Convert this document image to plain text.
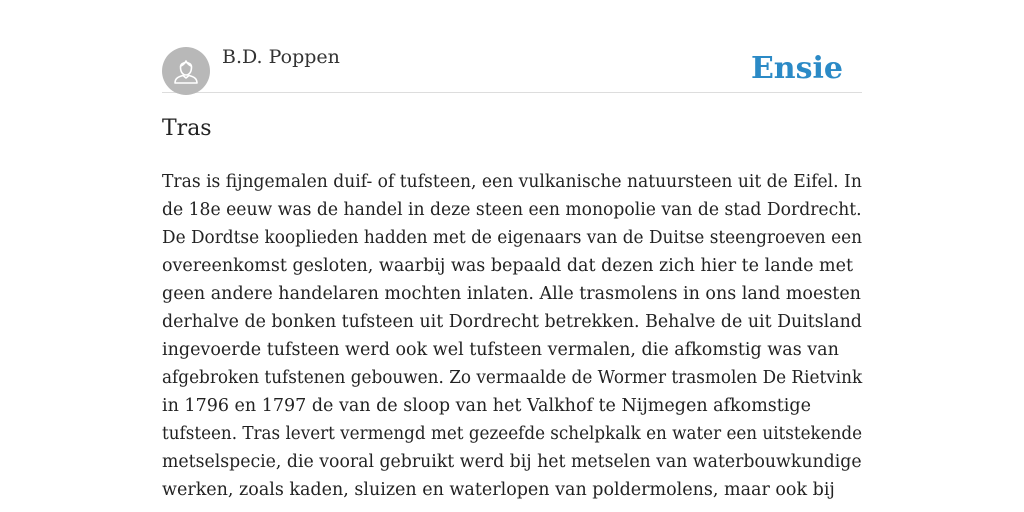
B.D. Poppen	Ensie
Tras
Tras is fijngemalen duif- of tufsteen, een vulkanische natuursteen uit de Eifel. In
de 18e eeuw was de handel in deze steen een monopolie van de stad Dordrecht.
De Dordtse kooplieden hadden met de eigenaars van de Duitse steengroeven een
overeenkomst gesloten, waarbij was bepaald dat dezen zich hier te lande met
geen andere handelaren mochten inlaten. Alle trasmolens in ons land moesten
derhalve de bonken tufsteen uit Dordrecht betrekken. Behalve de uit Duitsland
ingevoerde tufsteen werd ook wel tufsteen vermalen, die afkomstig was van
afgebroken tufstenen gebouwen. Zo vermaalde de Wormer trasmolen De Rietvink
in 1796 en 1797 de van de sloop van het Valkhof te Nijmegen afkomstige
tufsteen. Tras levert vermengd met gezeefde schelpkalk en water een uitstekende
metselspecie, die vooral gebruikt werd bij het metselen van waterbouwkundige
werken, zoals kaden, sluizen en waterlopen van poldermolens, maar ook bij
